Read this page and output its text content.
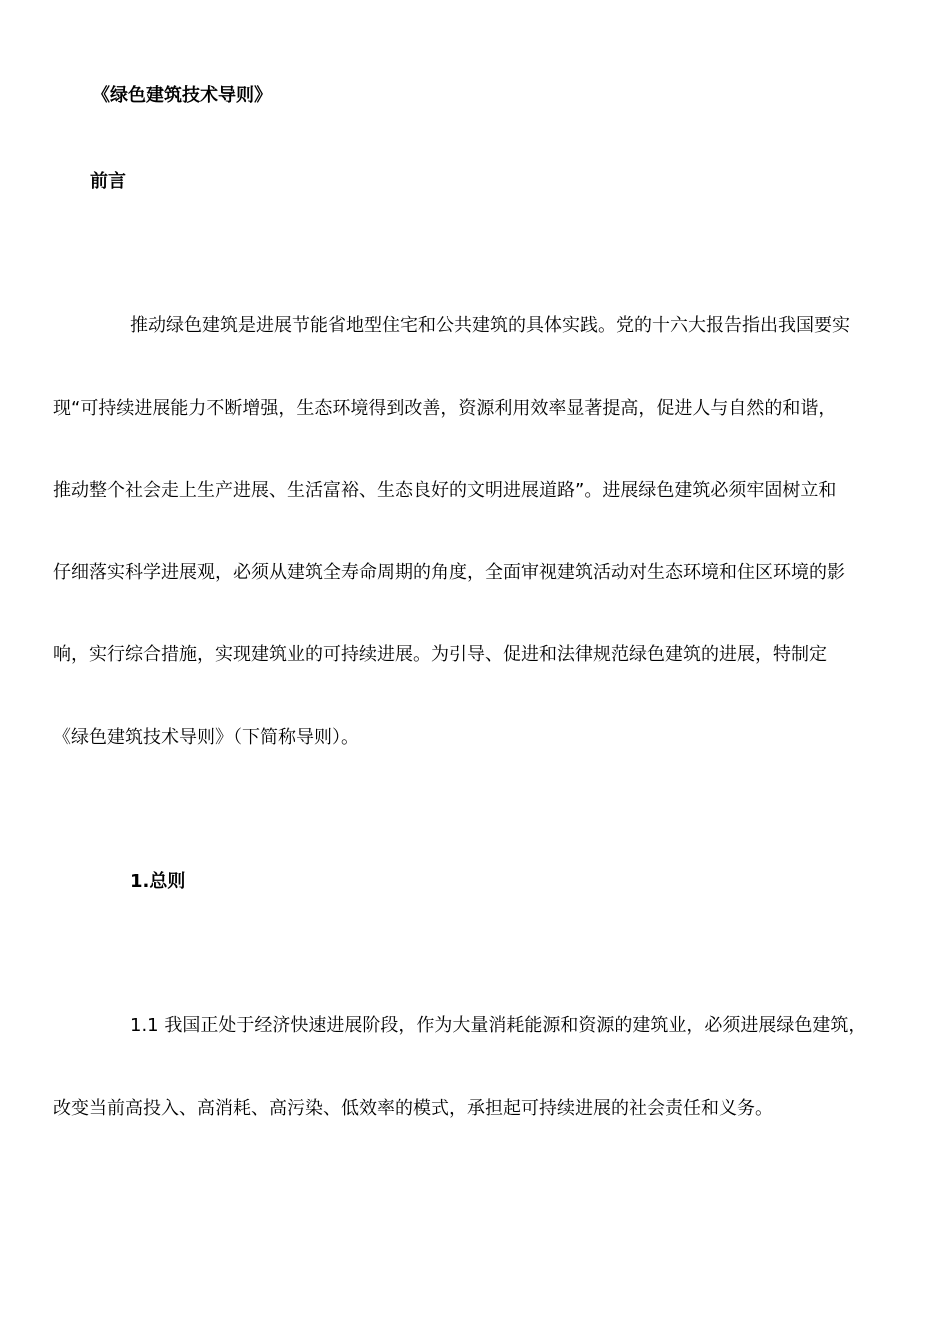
《绿色建筑技术导则》
前言
推动绿色建筑是进展节能省地型住宅和公共建筑的具体实践。党的十六大报告指出我国要实
现“可持续进展能力不断增强，生态环境得到改善，资源利用效率显著提高，促进人与自然的和谐，
推动整个社会走上生产进展、生活富裕、生态良好的文明进展道路”。进展绿色建筑必须牢固树立和
仔细落实科学进展观，必须从建筑全寿命周期的角度，全面审视建筑活动对生态环境和住区环境的影
响，实行综合措施，实现建筑业的可持续进展。为引导、促进和法律规范绿色建筑的进展，特制定
《绿色建筑技术导则》（下简称导则）。
1.总则
1.1 我国正处于经济快速进展阶段，作为大量消耗能源和资源的建筑业，必须进展绿色建筑，
改变当前高投入、高消耗、高污染、低效率的模式，承担起可持续进展的社会责任和义务。
